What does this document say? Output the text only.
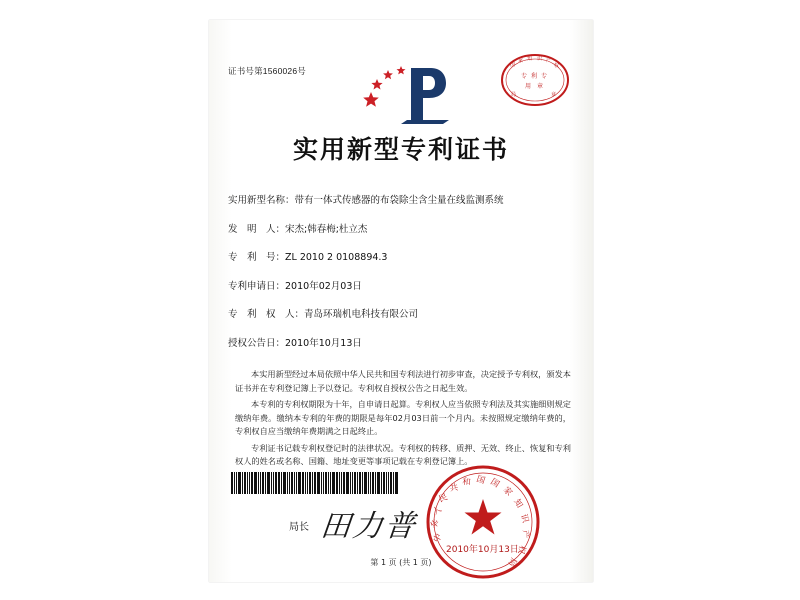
证书号第1560026号
国
家 知 识 产
权
局	章
专 利 专
用 章
实用新型专利证书
实用新型名称：带有一体式传感器的布袋除尘含尘量在线监测系统
发　明　人：宋杰;韩春梅;杜立杰
专　利　号：ZL 2010 2 0108894.3
专利申请日：2010年02月03日
专　利　权　人：青岛环瑞机电科技有限公司
授权公告日：2010年10月13日

本实用新型经过本局依照中华人民共和国专利法进行初步审查，决定授予专利权，颁发本证书并在专利登记簿上予以登记。专利权自授权公告之日起生效。

本专利的专利权期限为十年，自申请日起算。专利权人应当依照专利法及其实施细则规定缴纳年费。缴纳本专利的年费的期限是每年02月03日前一个月内。未按照规定缴纳年费的，专利权自应当缴纳年费期满之日起终止。

专利证书记载专利权登记时的法律状况。专利权的转移、质押、无效、终止、恢复和专利权人的姓名或名称、国籍、地址变更等事项记载在专利登记簿上。

局长 田力普 中
华
人
民
共
和 国 国
家
知
识
产
权
局
2010年10月13日
第 1 页 (共 1 页)
